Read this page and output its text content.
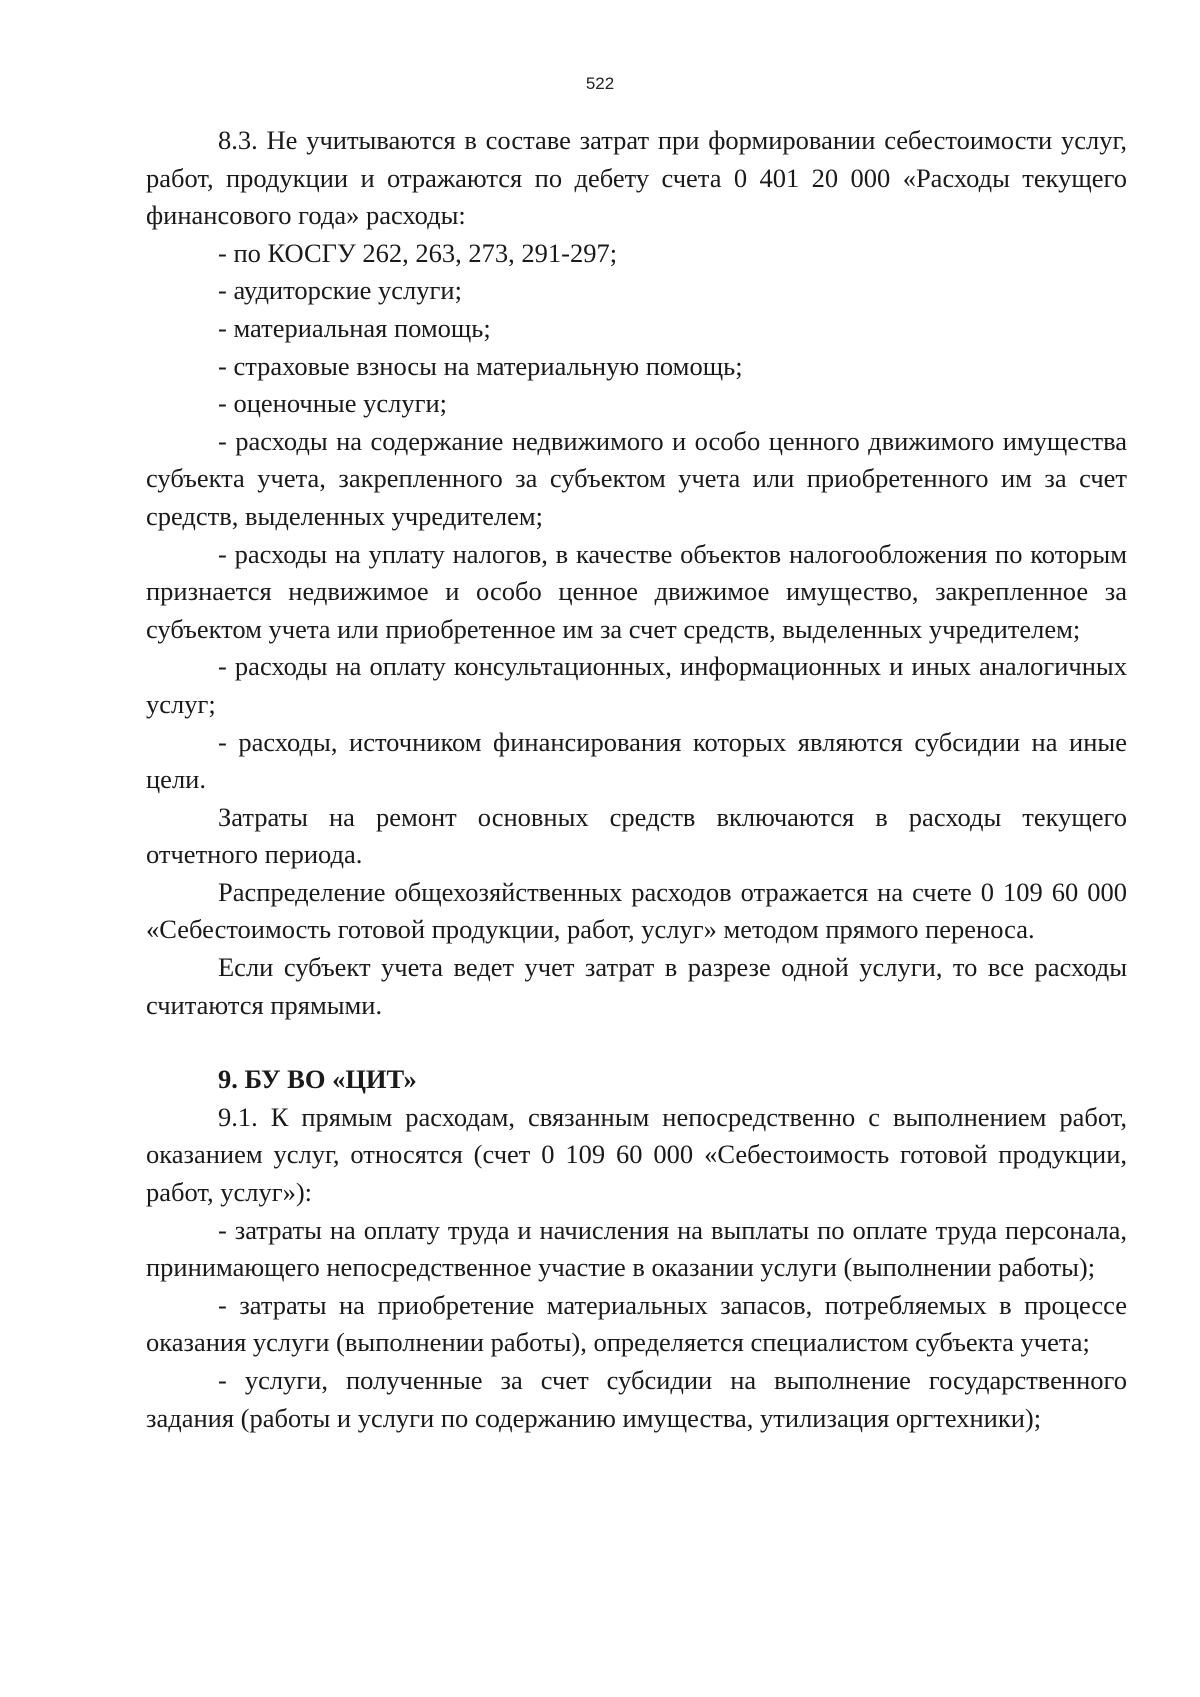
522

8.3. Не учитываются в составе затрат при формировании себестоимости услуг, работ, продукции и отражаются по дебету счета 0 401 20 000 «Расходы текущего финансового года» расходы:

- по КОСГУ 262, 263, 273, 291-297;

- аудиторские услуги;

- материальная помощь;

- страховые взносы на материальную помощь;

- оценочные услуги;

- расходы на содержание недвижимого и особо ценного движимого имущества субъекта учета, закрепленного за субъектом учета или приобретенного им за счет средств, выделенных учредителем;

- расходы на уплату налогов, в качестве объектов налогообложения по которым признается недвижимое и особо ценное движимое имущество, закрепленное за субъектом учета или приобретенное им за счет средств, выделенных учредителем;

- расходы на оплату консультационных, информационных и иных аналогичных услуг;

- расходы, источником финансирования которых являются субсидии на иные цели.

Затраты на ремонт основных средств включаются в расходы текущего отчетного периода.

Распределение общехозяйственных расходов отражается на счете 0 109 60 000 «Себестоимость готовой продукции, работ, услуг» методом прямого переноса.

Если субъект учета ведет учет затрат в разрезе одной услуги, то все расходы считаются прямыми.

9. БУ ВО «ЦИТ»

9.1. К прямым расходам, связанным непосредственно с выполнением работ, оказанием услуг, относятся (счет 0 109 60 000 «Себестоимость готовой продукции, работ, услуг»):

- затраты на оплату труда и начисления на выплаты по оплате труда персонала, принимающего непосредственное участие в оказании услуги (выполнении работы);

- затраты на приобретение материальных запасов, потребляемых в процессе оказания услуги (выполнении работы), определяется специалистом субъекта учета;

- услуги, полученные за счет субсидии на выполнение государственного задания (работы и услуги по содержанию имущества, утилизация оргтехники);
